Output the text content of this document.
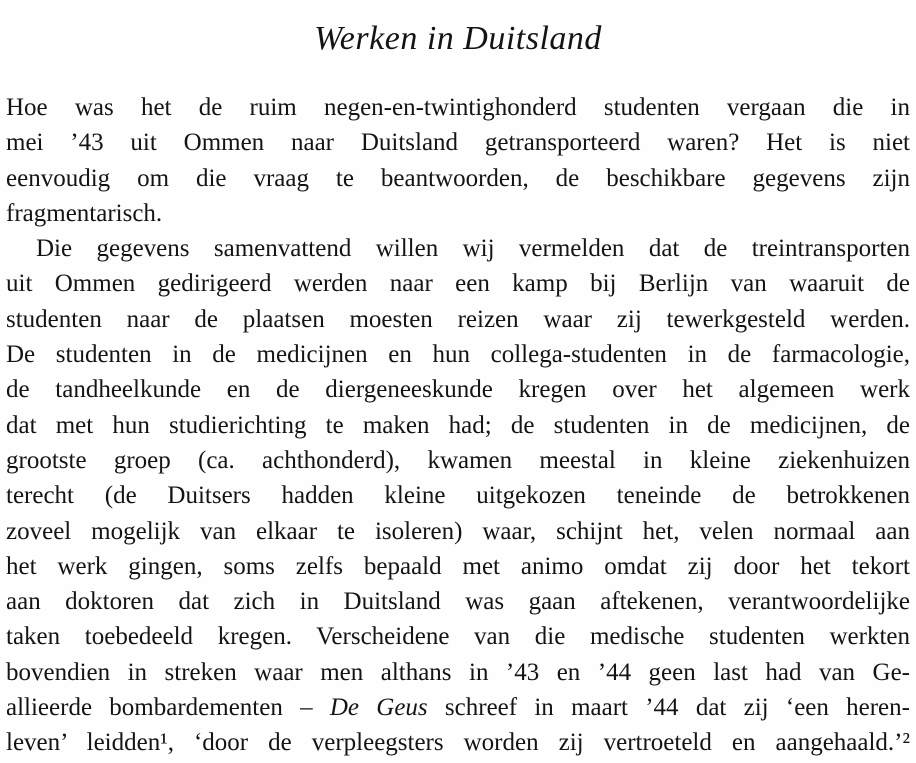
Werken in Duitsland
Hoe was het de ruim negen-en-twintighonderd studenten vergaan die in
mei ’43 uit Ommen naar Duitsland getransporteerd waren? Het is niet
eenvoudig om die vraag te beantwoorden, de beschikbare gegevens zijn
fragmentarisch.
Die gegevens samenvattend willen wij vermelden dat de treintransporten
uit Ommen gedirigeerd werden naar een kamp bij Berlijn van waaruit de
studenten naar de plaatsen moesten reizen waar zij tewerkgesteld werden.
De studenten in de medicijnen en hun collega-studenten in de farmacologie,
de tandheelkunde en de diergeneeskunde kregen over het algemeen werk
dat met hun studierichting te maken had; de studenten in de medicijnen, de
grootste groep (ca. achthonderd), kwamen meestal in kleine ziekenhuizen
terecht (de Duitsers hadden kleine uitgekozen teneinde de betrokkenen
zoveel mogelijk van elkaar te isoleren) waar, schijnt het, velen normaal aan
het werk gingen, soms zelfs bepaald met animo omdat zij door het tekort
aan doktoren dat zich in Duitsland was gaan aftekenen, verantwoordelijke
taken toebedeeld kregen. Verscheidene van die medische studenten werkten
bovendien in streken waar men althans in ’43 en ’44 geen last had van Ge-
allieerde bombardementen – De Geus schreef in maart ’44 dat zij ‘een heren-
leven’ leidden¹, ‘door de verpleegsters worden zij vertroeteld en aangehaald.’²
